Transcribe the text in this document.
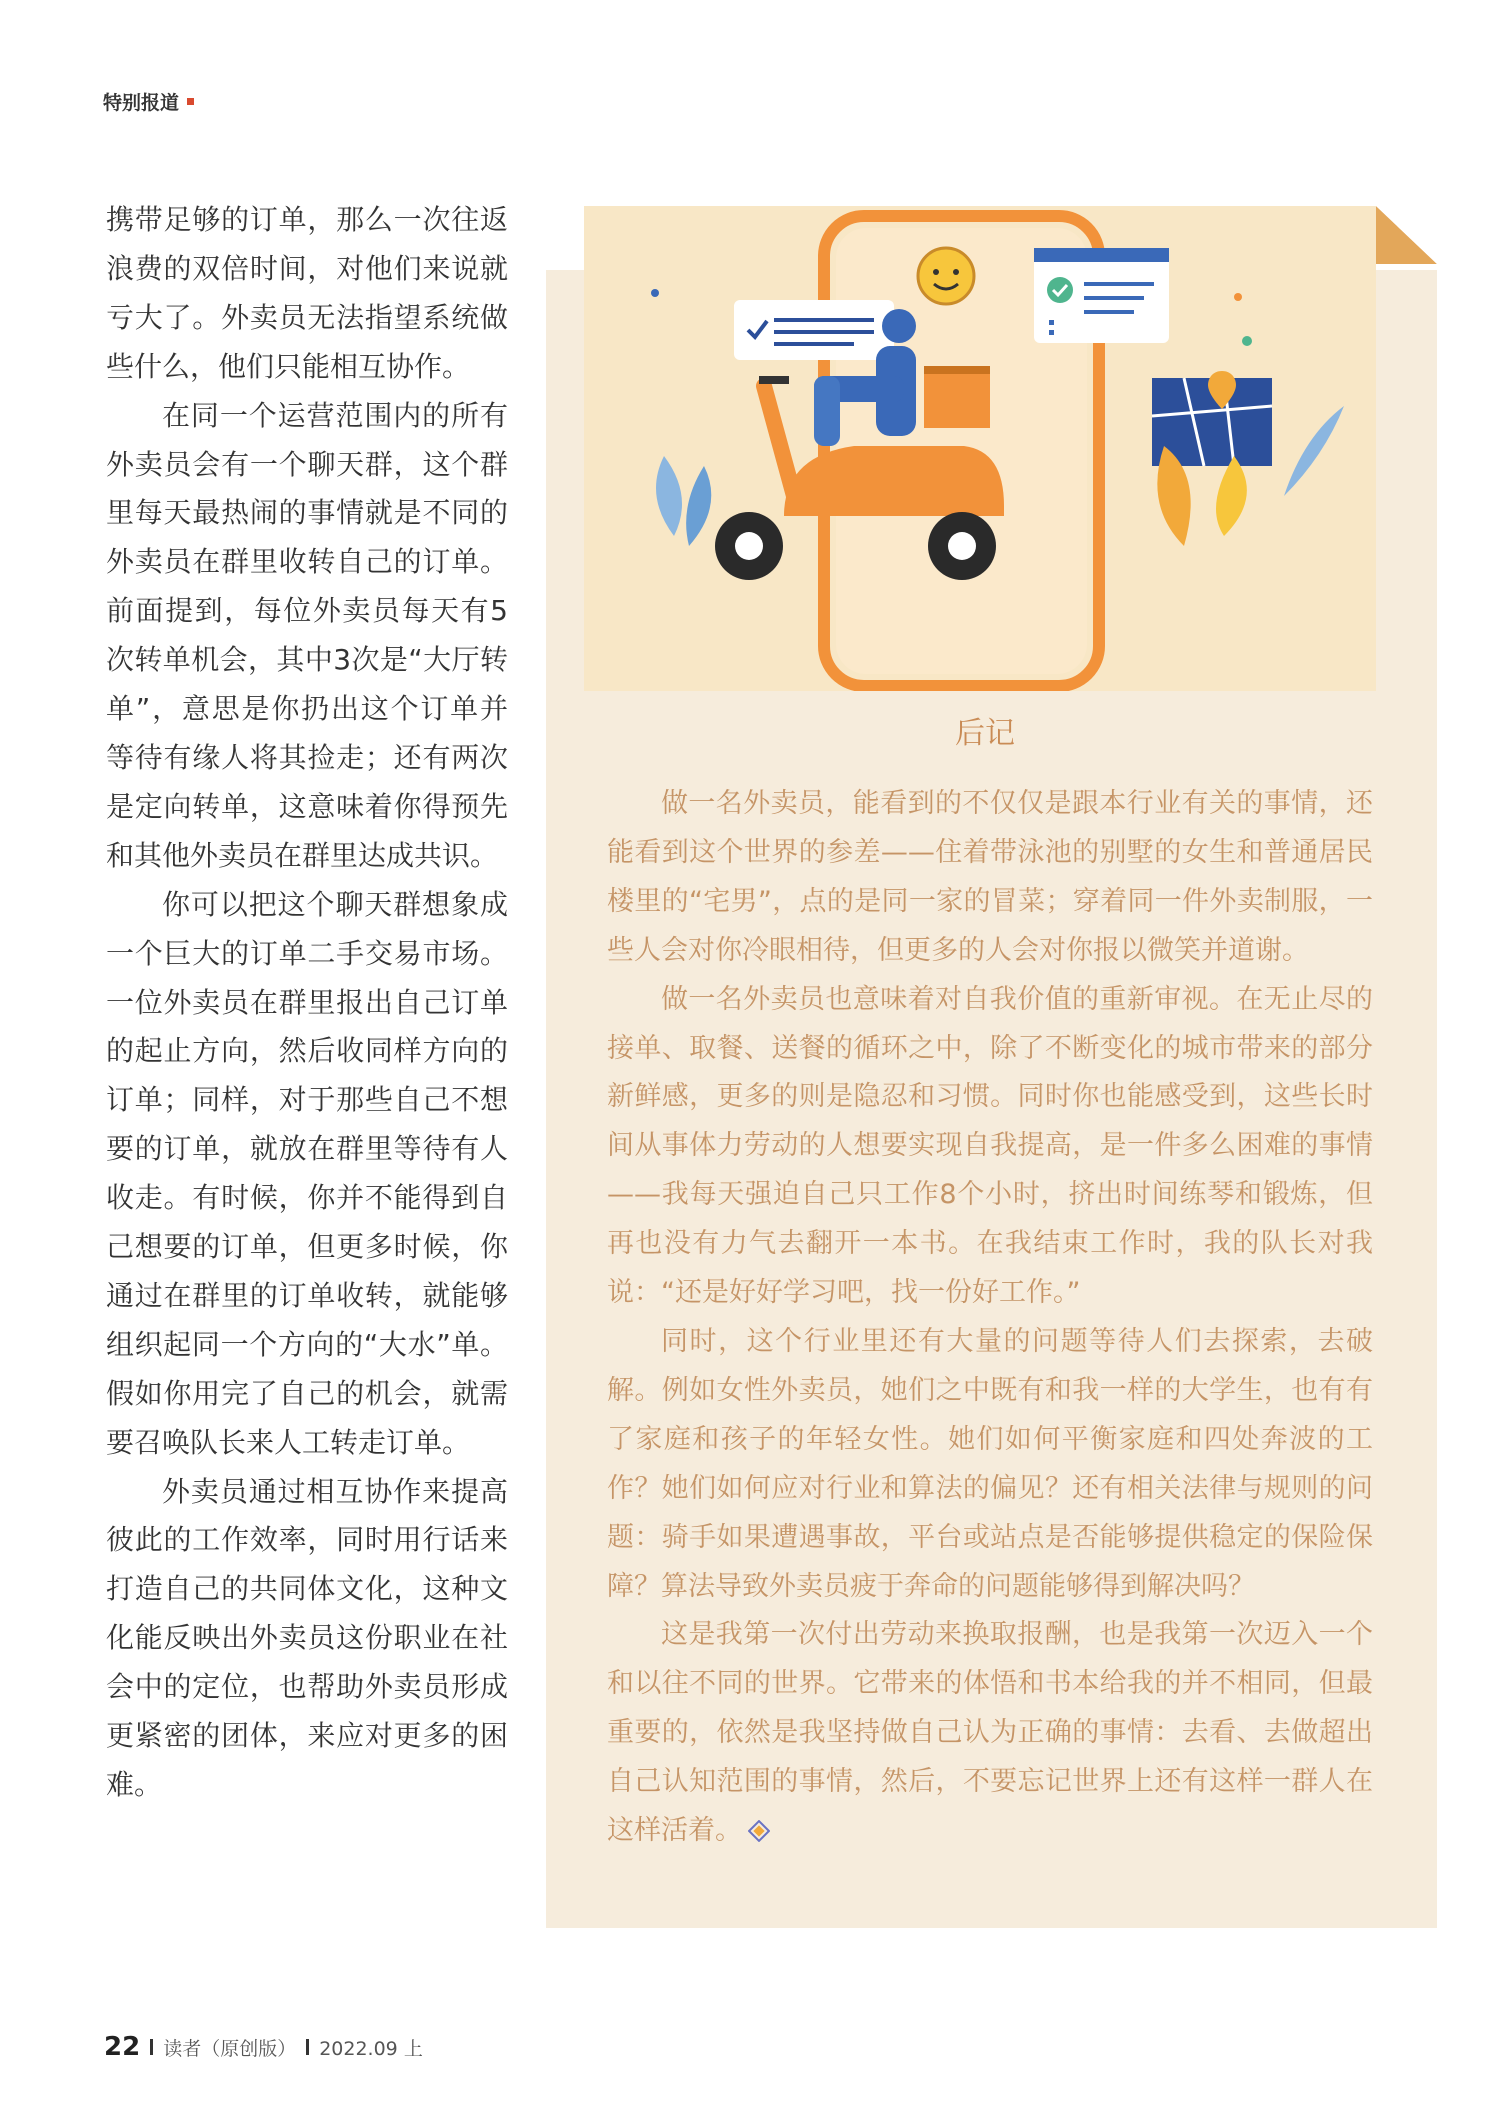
特别报道

携带足够的订单，那么一次往返浪费的双倍时间，对他们来说就亏大了。外卖员无法指望系统做些什么，他们只能相互协作。

在同一个运营范围内的所有外卖员会有一个聊天群，这个群里每天最热闹的事情就是不同的外卖员在群里收转自己的订单。前面提到，每位外卖员每天有5次转单机会，其中3次是“大厅转单”，意思是你扔出这个订单并等待有缘人将其捡走；还有两次是定向转单，这意味着你得预先和其他外卖员在群里达成共识。

你可以把这个聊天群想象成一个巨大的订单二手交易市场。一位外卖员在群里报出自己订单的起止方向，然后收同样方向的订单；同样，对于那些自己不想要的订单，就放在群里等待有人收走。有时候，你并不能得到自己想要的订单，但更多时候，你通过在群里的订单收转，就能够组织起同一个方向的“大水”单。假如你用完了自己的机会，就需要召唤队长来人工转走订单。

外卖员通过相互协作来提高彼此的工作效率，同时用行话来打造自己的共同体文化，这种文化能反映出外卖员这份职业在社会中的定位，也帮助外卖员形成更紧密的团体，来应对更多的困难。

后记

做一名外卖员，能看到的不仅仅是跟本行业有关的事情，还能看到这个世界的参差——住着带泳池的别墅的女生和普通居民楼里的“宅男”，点的是同一家的冒菜；穿着同一件外卖制服，一些人会对你冷眼相待，但更多的人会对你报以微笑并道谢。

做一名外卖员也意味着对自我价值的重新审视。在无止尽的接单、取餐、送餐的循环之中，除了不断变化的城市带来的部分新鲜感，更多的则是隐忍和习惯。同时你也能感受到，这些长时间从事体力劳动的人想要实现自我提高，是一件多么困难的事情——我每天强迫自己只工作8个小时，挤出时间练琴和锻炼，但再也没有力气去翻开一本书。在我结束工作时，我的队长对我说：“还是好好学习吧，找一份好工作。”

同时，这个行业里还有大量的问题等待人们去探索，去破解。例如女性外卖员，她们之中既有和我一样的大学生，也有有了家庭和孩子的年轻女性。她们如何平衡家庭和四处奔波的工作？她们如何应对行业和算法的偏见？还有相关法律与规则的问题：骑手如果遭遇事故，平台或站点是否能够提供稳定的保险保障？算法导致外卖员疲于奔命的问题能够得到解决吗？

这是我第一次付出劳动来换取报酬，也是我第一次迈入一个和以往不同的世界。它带来的体悟和书本给我的并不相同，但最重要的，依然是我坚持做自己认为正确的事情：去看、去做超出自己认知范围的事情，然后，不要忘记世界上还有这样一群人在这样活着。

22 读者（原创版） 2022.09 上
